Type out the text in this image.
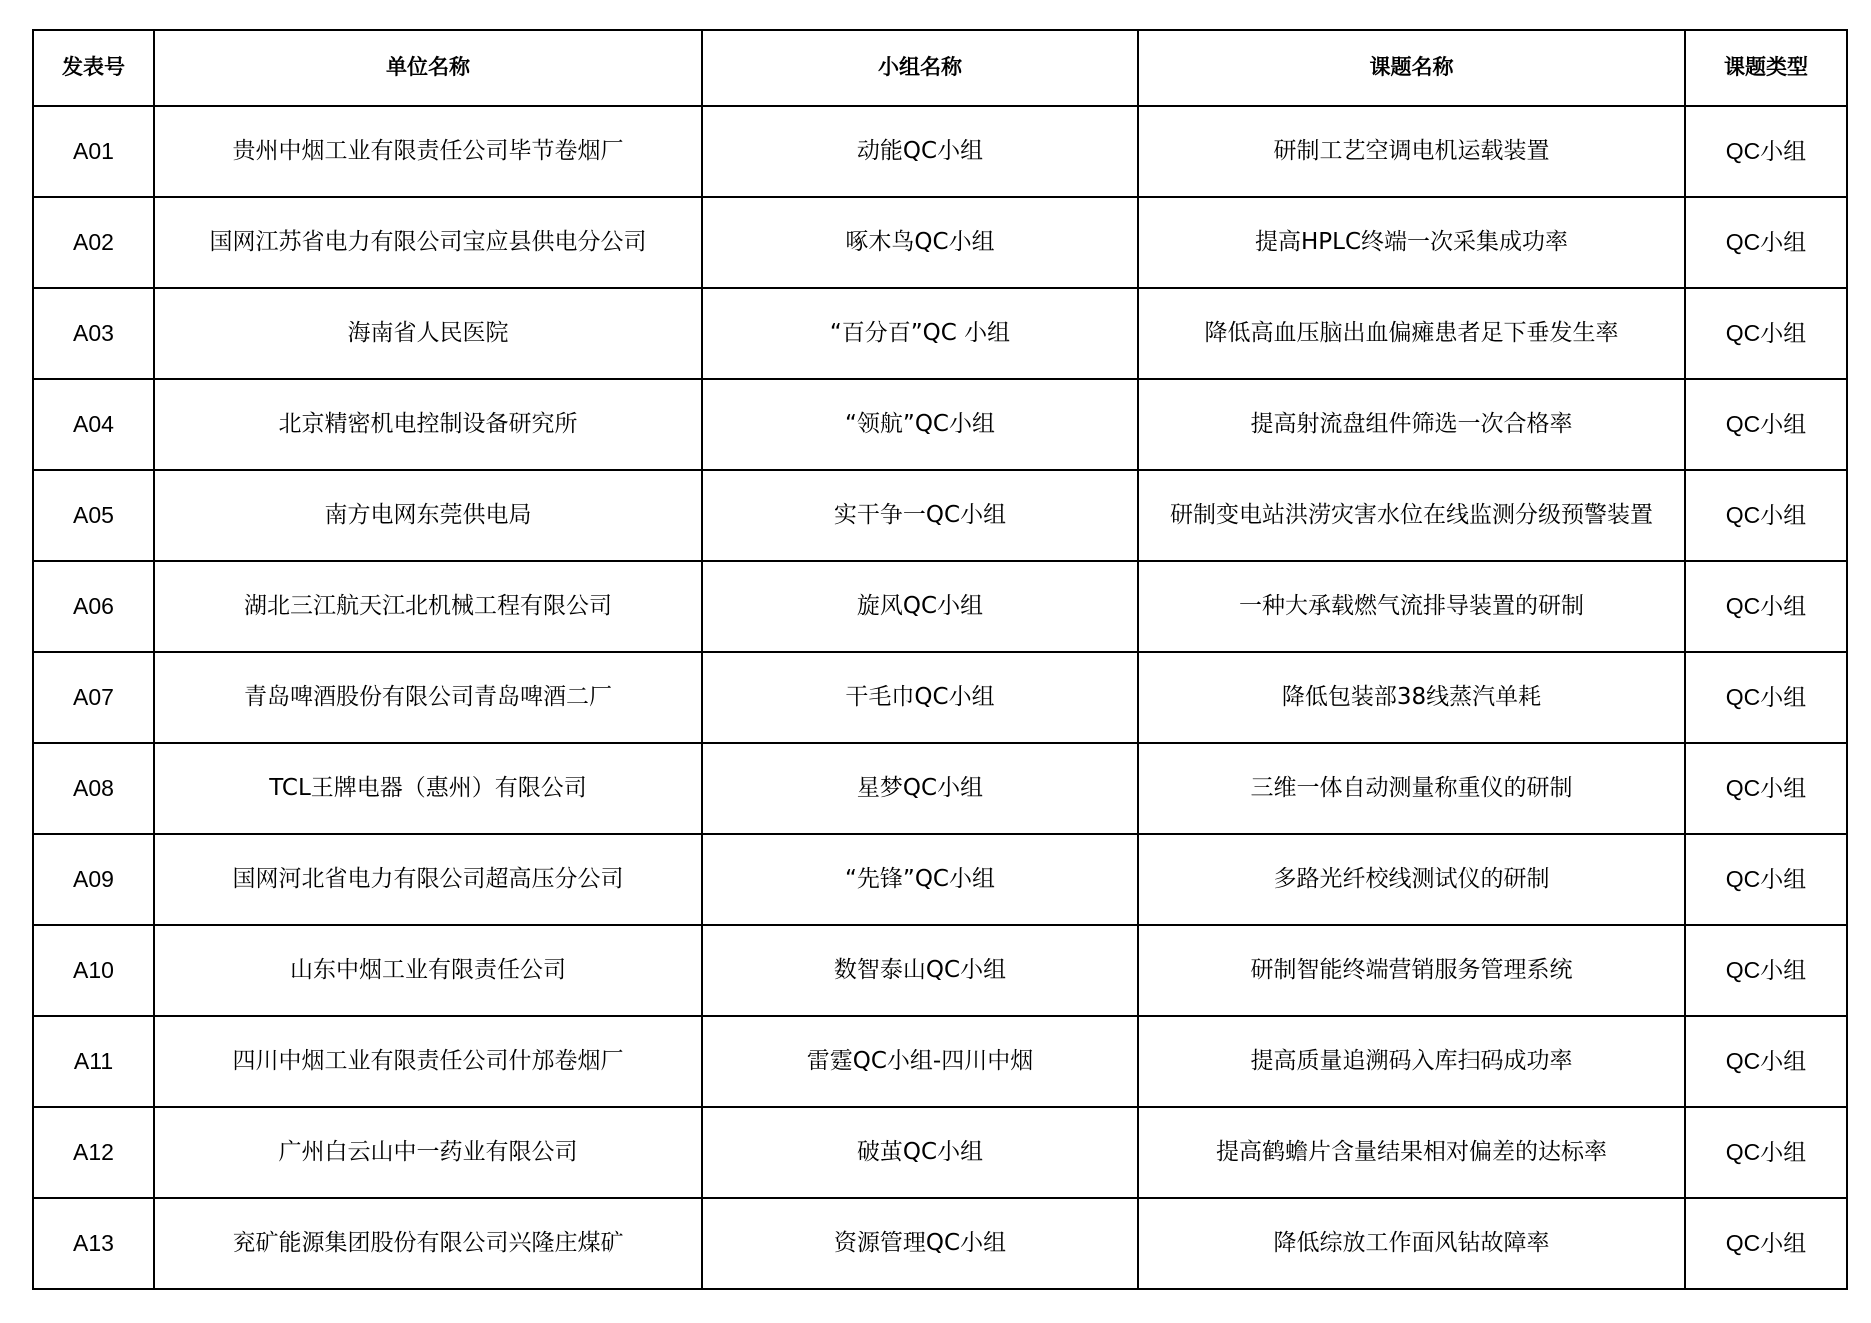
发表号	单位名称	小组名称	课题名称	课题类型
A01	贵州中烟工业有限责任公司毕节卷烟厂	动能QC小组	研制工艺空调电机运载装置	QC小组
A02	国网江苏省电力有限公司宝应县供电分公司	啄木鸟QC小组	提高HPLC终端一次采集成功率	QC小组
A03	海南省人民医院	“百分百”QC 小组	降低高血压脑出血偏瘫患者足下垂发生率	QC小组
A04	北京精密机电控制设备研究所	“领航”QC小组	提高射流盘组件筛选一次合格率	QC小组
A05	南方电网东莞供电局	实干争一QC小组	研制变电站洪涝灾害水位在线监测分级预警装置	QC小组
A06	湖北三江航天江北机械工程有限公司	旋风QC小组	一种大承载燃气流排导装置的研制	QC小组
A07	青岛啤酒股份有限公司青岛啤酒二厂	干毛巾QC小组	降低包装部38线蒸汽单耗	QC小组
A08	TCL王牌电器（惠州）有限公司	星梦QC小组	三维一体自动测量称重仪的研制	QC小组
A09	国网河北省电力有限公司超高压分公司	“先锋”QC小组	多路光纤校线测试仪的研制	QC小组
A10	山东中烟工业有限责任公司	数智泰山QC小组	研制智能终端营销服务管理系统	QC小组
A11	四川中烟工业有限责任公司什邡卷烟厂	雷霆QC小组-四川中烟	提高质量追溯码入库扫码成功率	QC小组
A12	广州白云山中一药业有限公司	破茧QC小组	提高鹤蟾片含量结果相对偏差的达标率	QC小组
A13	兖矿能源集团股份有限公司兴隆庄煤矿	资源管理QC小组	降低综放工作面风钻故障率	QC小组
